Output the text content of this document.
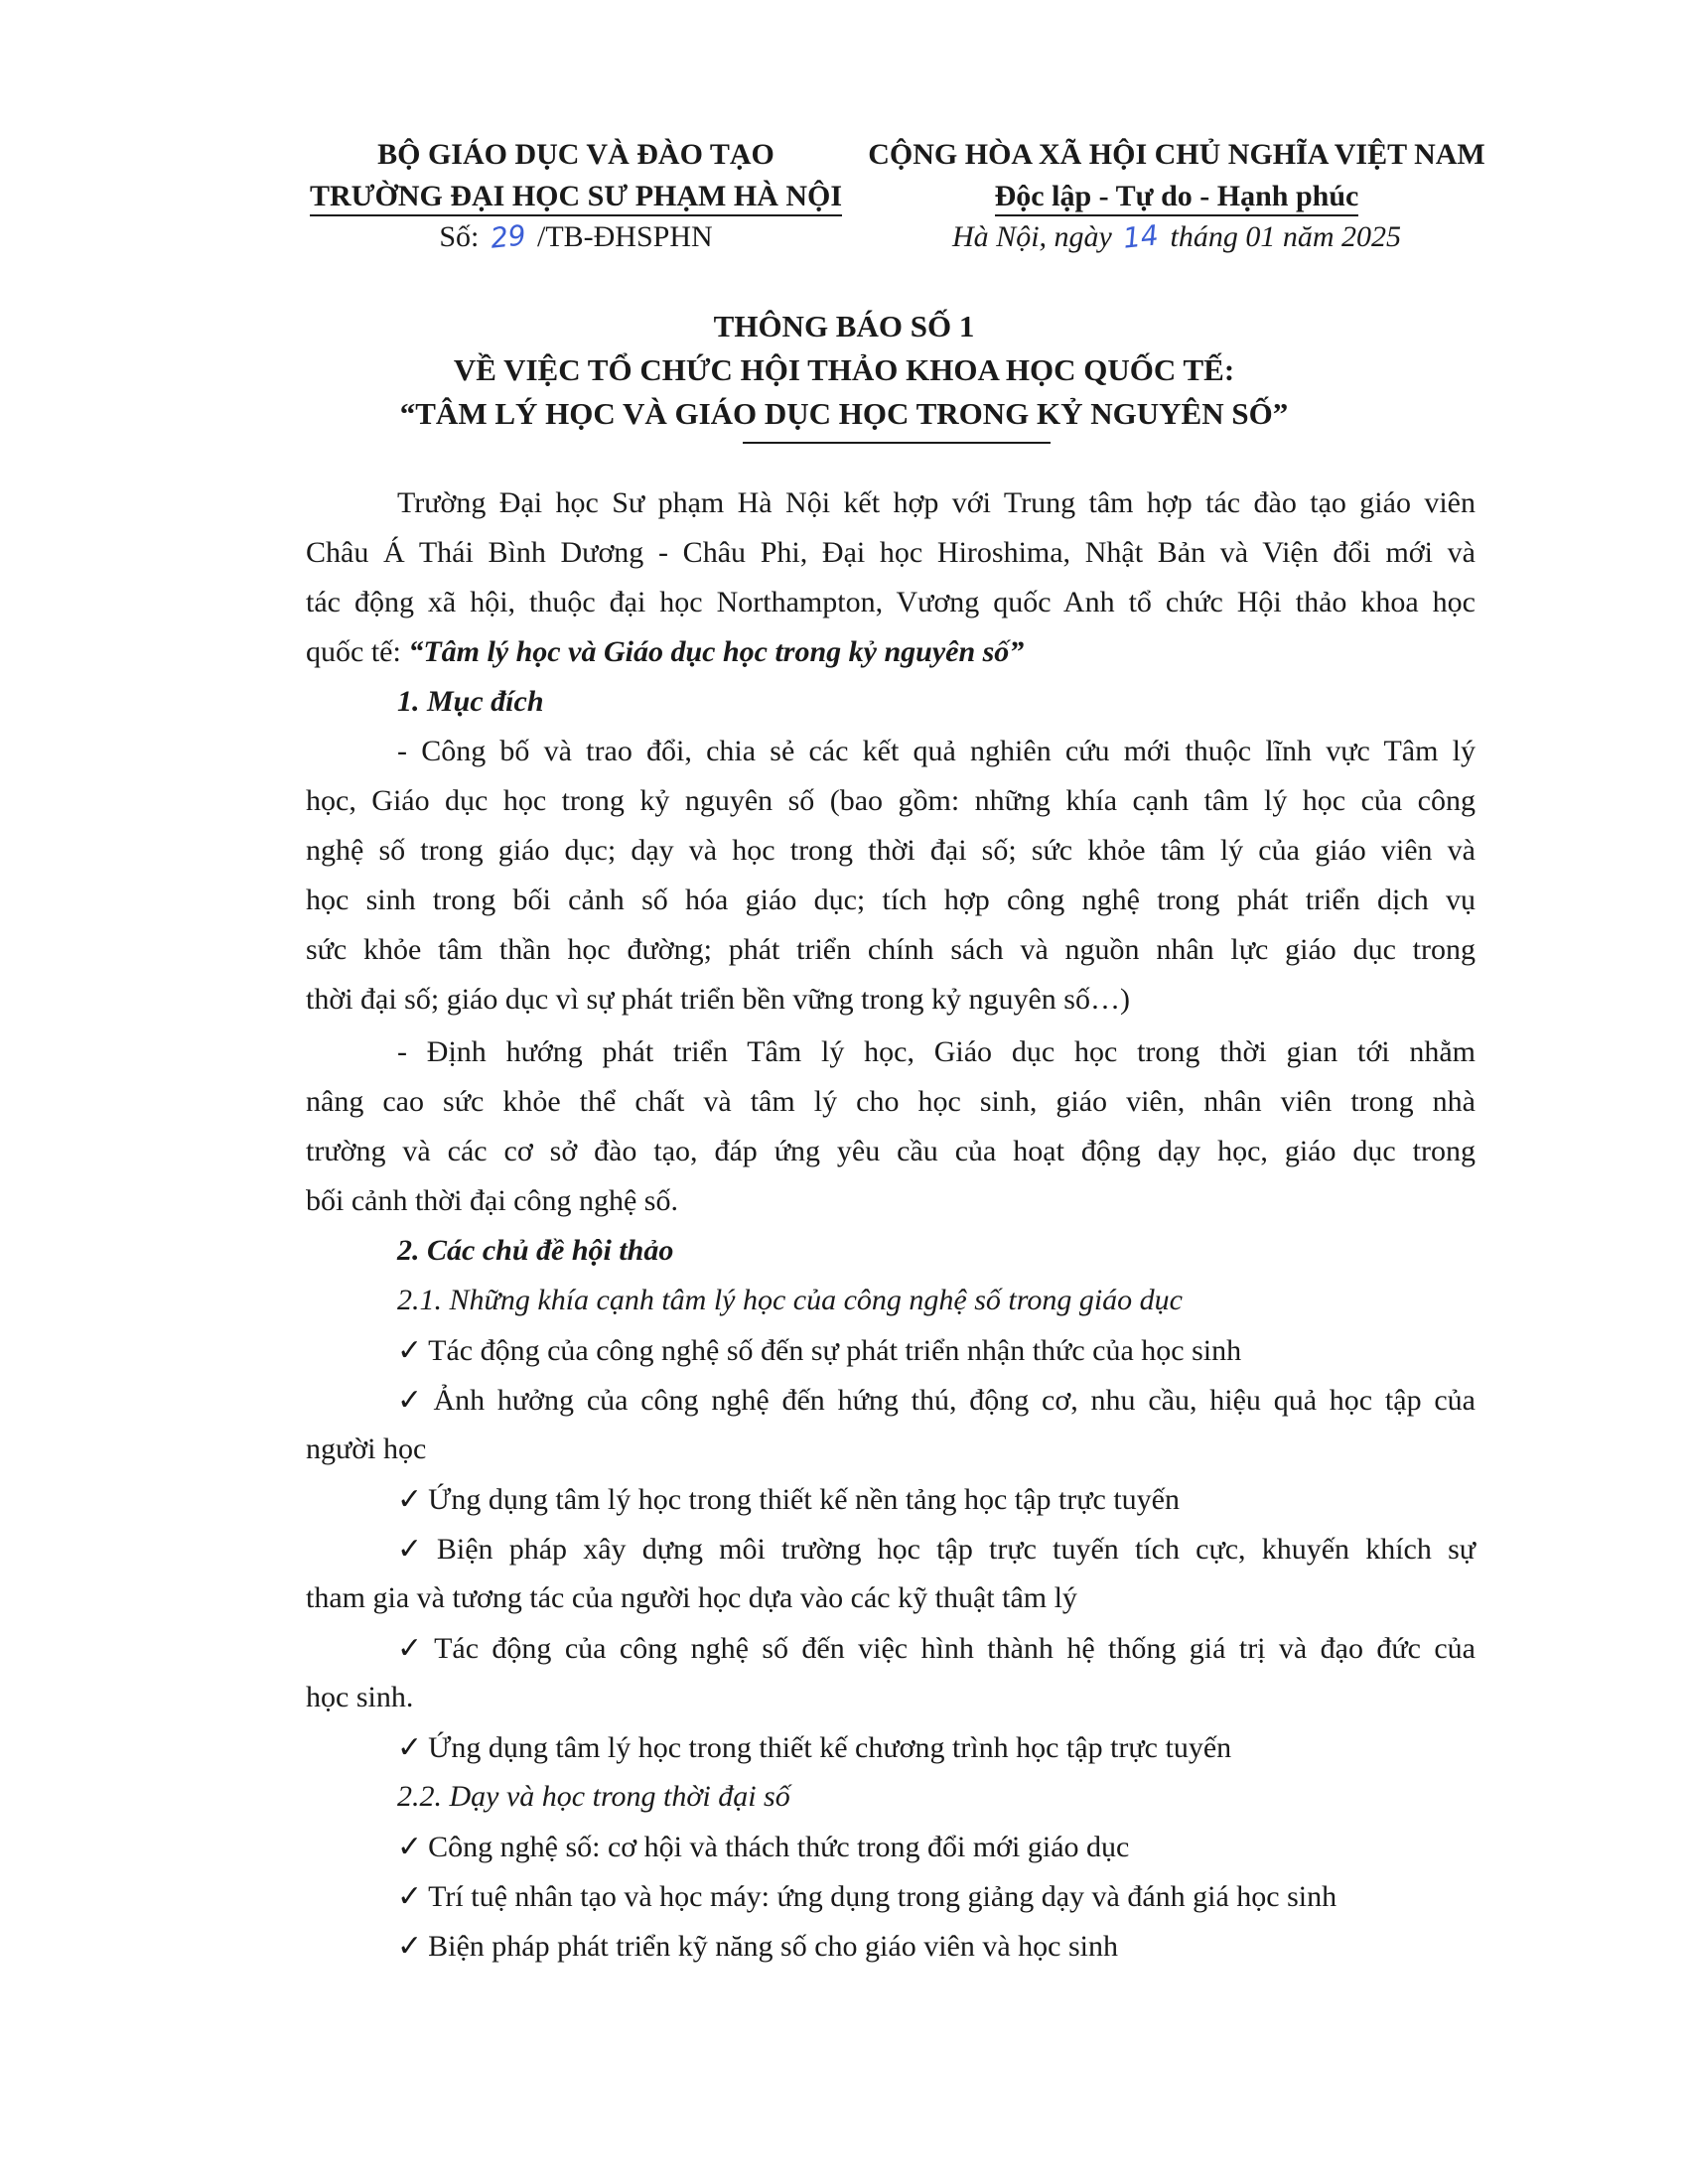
BỘ GIÁO DỤC VÀ ĐÀO TẠO
TRƯỜNG ĐẠI HỌC SƯ PHẠM HÀ NỘI
Số: 29 /TB-ĐHSPHN
CỘNG HÒA XÃ HỘI CHỦ NGHĨA VIỆT NAM
Độc lập - Tự do - Hạnh phúc
Hà Nội, ngày 14 tháng 01 năm 2025
THÔNG BÁO SỐ 1
VỀ VIỆC TỔ CHỨC HỘI THẢO KHOA HỌC QUỐC TẾ:
“TÂM LÝ HỌC VÀ GIÁO DỤC HỌC TRONG KỶ NGUYÊN SỐ”
Trường Đại học Sư phạm Hà Nội kết hợp với Trung tâm hợp tác đào tạo giáo viên
Châu Á Thái Bình Dương - Châu Phi, Đại học Hiroshima, Nhật Bản và Viện đổi mới và
tác động xã hội, thuộc đại học Northampton, Vương quốc Anh tổ chức Hội thảo khoa học
quốc tế: “Tâm lý học và Giáo dục học trong kỷ nguyên số”
1. Mục đích
- Công bố và trao đổi, chia sẻ các kết quả nghiên cứu mới thuộc lĩnh vực Tâm lý
học, Giáo dục học trong kỷ nguyên số (bao gồm: những khía cạnh tâm lý học của công
nghệ số trong giáo dục; dạy và học trong thời đại số; sức khỏe tâm lý của giáo viên và
học sinh trong bối cảnh số hóa giáo dục; tích hợp công nghệ trong phát triển dịch vụ
sức khỏe tâm thần học đường; phát triển chính sách và nguồn nhân lực giáo dục trong
thời đại số; giáo dục vì sự phát triển bền vững trong kỷ nguyên số…)
- Định hướng phát triển Tâm lý học, Giáo dục học trong thời gian tới nhằm
nâng cao sức khỏe thể chất và tâm lý cho học sinh, giáo viên, nhân viên trong nhà
trường và các cơ sở đào tạo, đáp ứng yêu cầu của hoạt động dạy học, giáo dục trong
bối cảnh thời đại công nghệ số.
2. Các chủ đề hội thảo
2.1. Những khía cạnh tâm lý học của công nghệ số trong giáo dục
✓ Tác động của công nghệ số đến sự phát triển nhận thức của học sinh
✓ Ảnh hưởng của công nghệ đến hứng thú, động cơ, nhu cầu, hiệu quả học tập của
người học
✓ Ứng dụng tâm lý học trong thiết kế nền tảng học tập trực tuyến
✓ Biện pháp xây dựng môi trường học tập trực tuyến tích cực, khuyến khích sự
tham gia và tương tác của người học dựa vào các kỹ thuật tâm lý
✓ Tác động của công nghệ số đến việc hình thành hệ thống giá trị và đạo đức của
học sinh.
✓ Ứng dụng tâm lý học trong thiết kế chương trình học tập trực tuyến
2.2. Dạy và học trong thời đại số
✓ Công nghệ số: cơ hội và thách thức trong đổi mới giáo dục
✓ Trí tuệ nhân tạo và học máy: ứng dụng trong giảng dạy và đánh giá học sinh
✓ Biện pháp phát triển kỹ năng số cho giáo viên và học sinh
